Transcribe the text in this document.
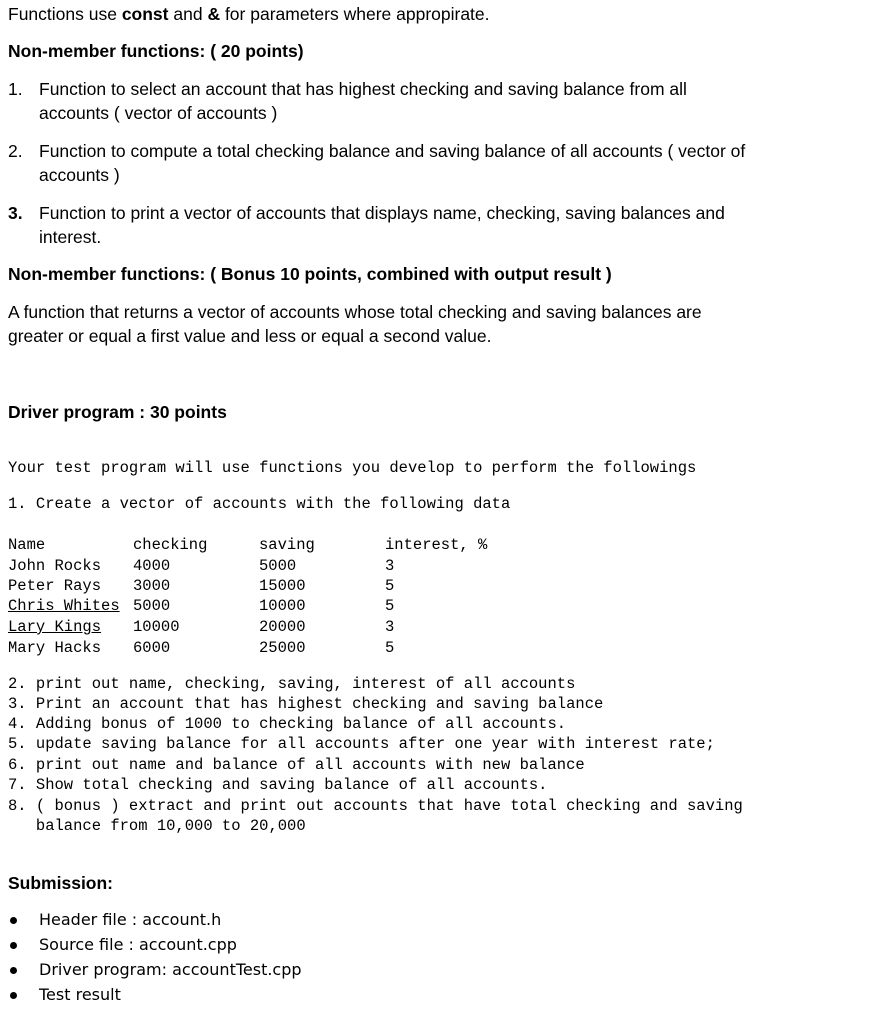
Functions use const and & for parameters where appropirate.
Non-member functions: ( 20 points)
1. Function to select an account that has highest checking and saving balance from all
accounts ( vector of accounts )
2. Function to compute a total checking balance and saving balance of all accounts ( vector of
accounts )
3. Function to print a vector of accounts that displays name, checking, saving balances and
interest.
Non-member functions: ( Bonus 10 points, combined with output result )
A function that returns a vector of accounts whose total checking and saving balances are
greater or equal a first value and less or equal a second value.
Driver program : 30 points
Your test program will use functions you develop to perform the followings
1. Create a vector of accounts with the following data
Name	checking	saving	interest, %
John Rocks 4000	5000	3
Peter Rays 3000	15000	5
Chris Whites 5000	10000	5
Lary Kings 10000	20000	3
Mary Hacks 6000	25000	5
2. print out name, checking, saving, interest of all accounts
3. Print an account that has highest checking and saving balance
4. Adding bonus of 1000 to checking balance of all accounts.
5. update saving balance for all accounts after one year with interest rate;
6. print out name and balance of all accounts with new balance
7. Show total checking and saving balance of all accounts.
8. ( bonus ) extract and print out accounts that have total checking and saving
balance from 10,000 to 20,000
Submission:
Header file : account.h
Source file : account.cpp
Driver program: accountTest.cpp
Test result
